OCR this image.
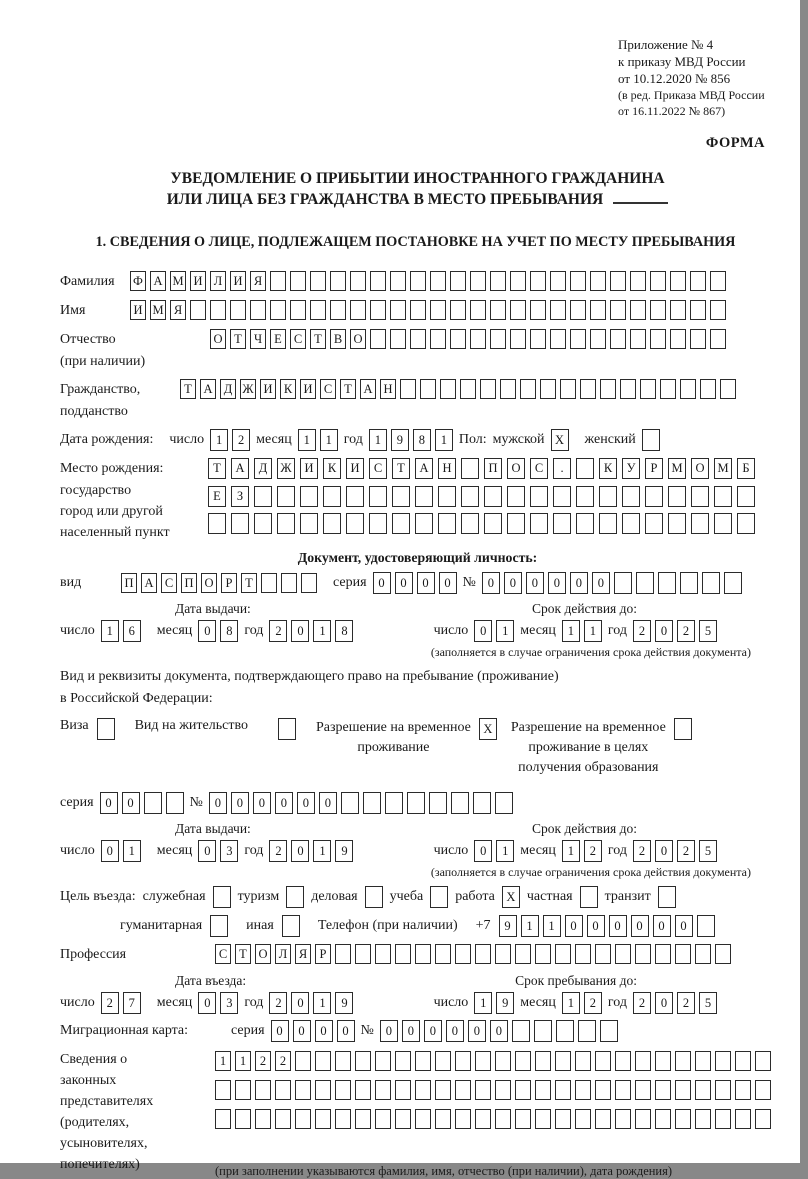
Приложение № 4
к приказу МВД России
от 10.12.2020 № 856
(в ред. Приказа МВД России
от 16.11.2022 № 867)
ФОРМА
УВЕДОМЛЕНИЕ О ПРИБЫТИИ ИНОСТРАННОГО ГРАЖДАНИНА
ИЛИ ЛИЦА БЕЗ ГРАЖДАНСТВА В МЕСТО ПРЕБЫВАНИЯ
1. СВЕДЕНИЯ О ЛИЦЕ, ПОДЛЕЖАЩЕМ ПОСТАНОВКЕ НА УЧЕТ ПО МЕСТУ ПРЕБЫВАНИЯ
Фамилия	Ф А М И Л И Я
Имя	И М Я
Отчество
(при наличии)
О Т Ч Е С Т В О
Гражданство,
подданство
Т А Д Ж И К И С Т А Н
Дата рождения: число 1	2 месяц 1	1 год 1	9	8	1 Пол: мужской X	женский
Место рождения:
государство
город или другой
населенный пункт
Т	А	Д	Ж	И	К	И	С	Т	А	Н	П	О	С	.	К	У	Р	М	О	М	Б
Е	З
Документ, удостоверяющий личность:
вид	П А С П О Р	Т	серия 0	0	0	0 № 0	0	0	0	0	0
Дата выдачи:	Срок действия до:
число 1	6	месяц 0	8 год 2	0	1	8	число 0	1 месяц 1	1 год 2	0	2	5
(заполняется в случае ограничения срока действия документа)
Вид и реквизиты документа, подтверждающего право на пребывание (проживание)
в Российской Федерации:
Виза	Вид на жительство	Разрешение на временное
проживание
X	Разрешение на временное
проживание в целях
получения образования
серия 0	0	№ 0	0	0	0	0	0
Дата выдачи:	Срок действия до:
число 0	1	месяц 0	3 год 2	0	1	9	число 0	1 месяц 1	2 год 2	0	2	5
(заполняется в случае ограничения срока действия документа)
Цель въезда: служебная туризм деловая учеба работа X частная транзит
гуманитарная	иная	Телефон (при наличии) +7	9	1	1	0	0	0	0	0	0
Профессия	С Т О Л Я Р
Дата въезда:	Срок пребывания до:
число 2	7	месяц 0	3 год 2	0	1	9	число 1	9 месяц 1	2 год 2	0	2	5
Миграционная карта:	серия 0	0	0	0 № 0	0	0	0	0	0
Сведения о
законных
представителях
(родителях,
усыновителях,
попечителях)
1	1	2	2
(при заполнении указываются фамилия, имя, отчество (при наличии), дата рождения)
